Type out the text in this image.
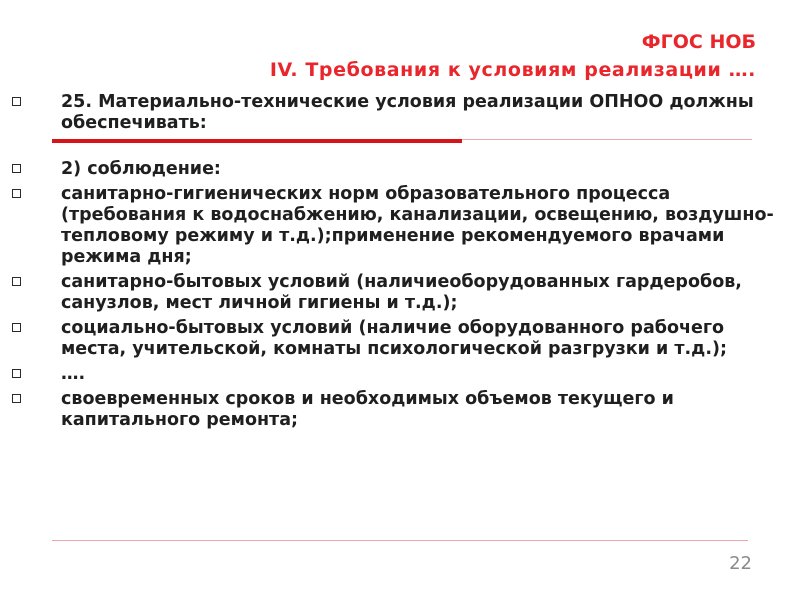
ФГОС НОБ
IV. Требования к условиям реализации ….
25. Материально-технические условия реализации ОПНОО должны обеспечивать:
2) соблюдение:
санитарно-гигиенических норм образовательного процесса (требования к водоснабжению, канализации, освещению, воздушно-тепловому режиму и т.д.);применение рекомендуемого врачами режима дня;
санитарно-бытовых условий (наличиеоборудованных гардеробов, санузлов, мест личной гигиены и т.д.);
социально-бытовых условий (наличие оборудованного рабочего места, учительской, комнаты психологической разгрузки и т.д.);
….
своевременных сроков и необходимых объемов текущего и капитального ремонта;
22
